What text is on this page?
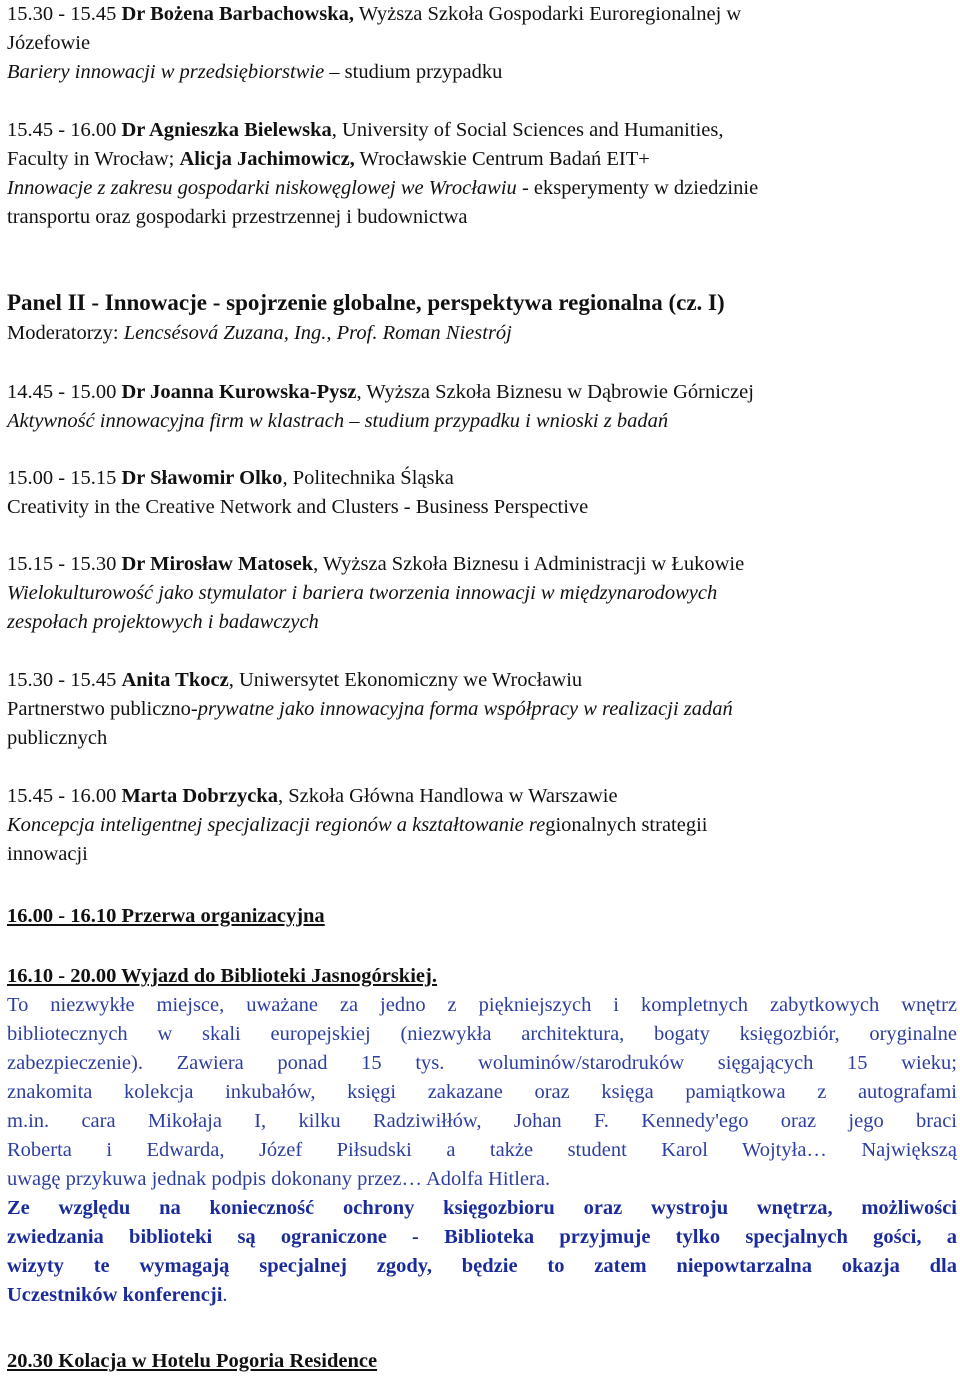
15.30 - 15.45 Dr Bożena Barbachowska, Wyższa Szkoła Gospodarki Euroregionalnej w
Józefowie
Bariery innowacji w przedsiębiorstwie – studium przypadku
15.45 - 16.00 Dr Agnieszka Bielewska, University of Social Sciences and Humanities,
Faculty in Wrocław; Alicja Jachimowicz, Wrocławskie Centrum Badań EIT+
Innowacje z zakresu gospodarki niskowęglowej we Wrocławiu - eksperymenty w dziedzinie
transportu oraz gospodarki przestrzennej i budownictwa
Panel II - Innowacje - spojrzenie globalne, perspektywa regionalna (cz. I)
Moderatorzy: Lencsésová Zuzana, Ing., Prof. Roman Niestrój
14.45 - 15.00 Dr Joanna Kurowska-Pysz, Wyższa Szkoła Biznesu w Dąbrowie Górniczej
Aktywność innowacyjna firm w klastrach – studium przypadku i wnioski z badań
15.00 - 15.15 Dr Sławomir Olko, Politechnika Śląska
Creativity in the Creative Network and Clusters - Business Perspective
15.15 - 15.30 Dr Mirosław Matosek, Wyższa Szkoła Biznesu i Administracji w Łukowie
Wielokulturowość jako stymulator i bariera tworzenia innowacji w międzynarodowych
zespołach projektowych i badawczych
15.30 - 15.45 Anita Tkocz, Uniwersytet Ekonomiczny we Wrocławiu
Partnerstwo publiczno-prywatne jako innowacyjna forma współpracy w realizacji zadań
publicznych
15.45 - 16.00 Marta Dobrzycka, Szkoła Główna Handlowa w Warszawie
Koncepcja inteligentnej specjalizacji regionów a kształtowanie regionalnych strategii
innowacji
16.00 - 16.10 Przerwa organizacyjna
16.10 - 20.00 Wyjazd do Biblioteki Jasnogórskiej.
To niezwykłe miejsce, uważane za jedno z piękniejszych i kompletnych zabytkowych wnętrz
bibliotecznych w skali europejskiej (niezwykła architektura, bogaty księgozbiór, oryginalne
zabezpieczenie). Zawiera ponad 15 tys. woluminów/starodruków sięgających 15 wieku;
znakomita kolekcja inkubałów, księgi zakazane oraz księga pamiątkowa z autografami
m.in. cara Mikołaja I, kilku Radziwiłłów, Johan F. Kennedy'ego oraz jego braci
Roberta i Edwarda, Józef Piłsudski a także student Karol Wojtyła… Największą
uwagę przykuwa jednak podpis dokonany przez… Adolfa Hitlera.
Ze względu na konieczność ochrony księgozbioru oraz wystroju wnętrza, możliwości
zwiedzania biblioteki są ograniczone - Biblioteka przyjmuje tylko specjalnych gości, a
wizyty te wymagają specjalnej zgody, będzie to zatem niepowtarzalna okazja dla
Uczestników konferencji.
20.30 Kolacja w Hotelu Pogoria Residence
